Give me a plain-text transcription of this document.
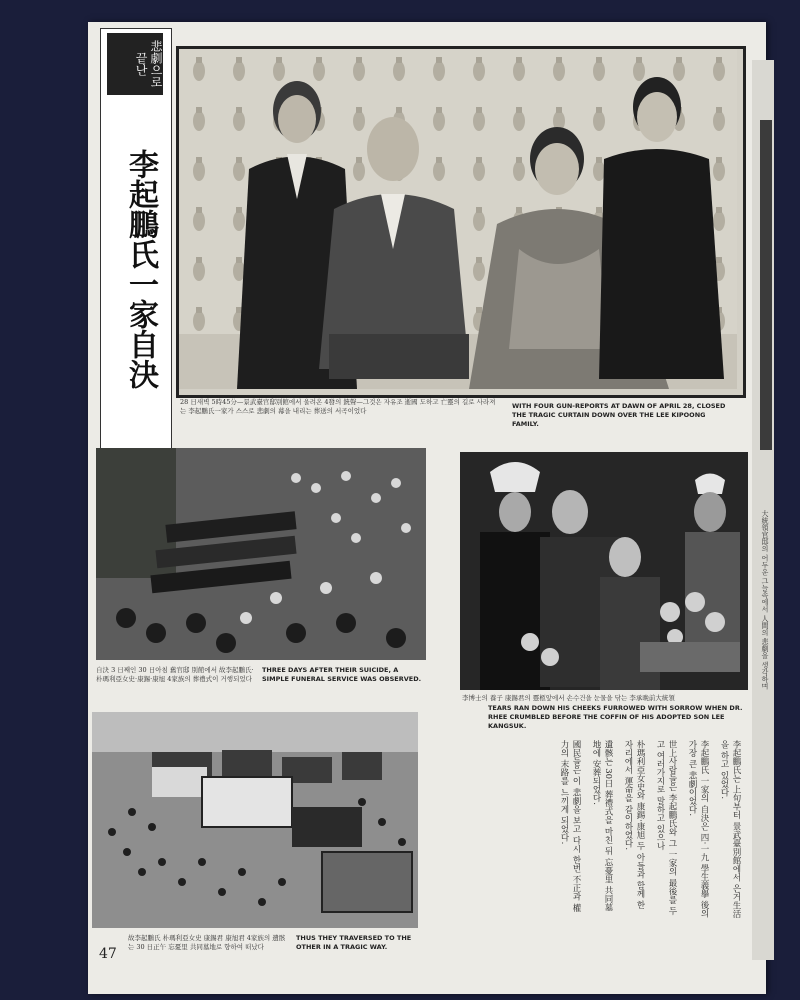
大統領官邸의 어두운 그늘속에서 人間의 悲劇을 생각하며
悲劇으로 끝난
李起鵬氏一家自決
28 日새벽 5時45分—景武臺官邸別館에서 울려온 4發의 銃聲—그것은 자유조 逝國 도하고 亡靈의 길로 사라져는 李起鵬氏一家가 스스로 悲劇의 幕을 내리는 葬送의 서곡이었다
WITH FOUR GUN-REPORTS AT DAWN OF APRIL 28, CLOSED THE TRAGIC CURTAIN DOWN OVER THE LEE KIPOONG FAMILY.
自決 3 日째인 30 日아침 舊官邸 別館에서 故李起鵬氏·朴瑪利亞女史·康錫·康旭 4家族의 葬禮式이 거행되었다
THREE DAYS AFTER THEIR SUICIDE, A SIMPLE FUNERAL SERVICE WAS OBSERVED.
李博士의 養子 康錫君의 靈柩앞에서 손수건을 눈물을 닦는 李承晩前大統領
TEARS RAN DOWN HIS CHEEKS FURROWED WITH SORROW WHEN DR. RHEE CRUMBLED BEFORE THE COFFIN OF HIS ADOPTED SON LEE KANGSUK.
故李起鵬氏 朴瑪利亞女史 康錫君 康旭君 4家族의 遺骸는 30 日正午 忘憂里 共同墓地로 향하여 떠났다
THUS THEY TRAVERSED TO THE OTHER IN A TRAGIC WAY.

李起鵬氏는 上旬부터 景武臺別館에서 은거生活을 하고 있었다.

李起鵬氏 一家의 自決은 四·一九 學生義擧 後의 가장 큰 悲劇이었다.

世上사람들은 李起鵬氏와 그 一家의 最後를 두고 여러가지로 말하고 있으나

朴瑪利亞女史와 康錫·康旭 두 아들과 함께 한 자리에서 運命을 같이하였다.

遺骸는 30日 葬禮式을 마친 뒤 忘憂里 共同墓地에 安葬되었다.

國民들은 이 悲劇을 보고 다시 한번 不正과 權力의 末路를 느끼게 되었다.

47
